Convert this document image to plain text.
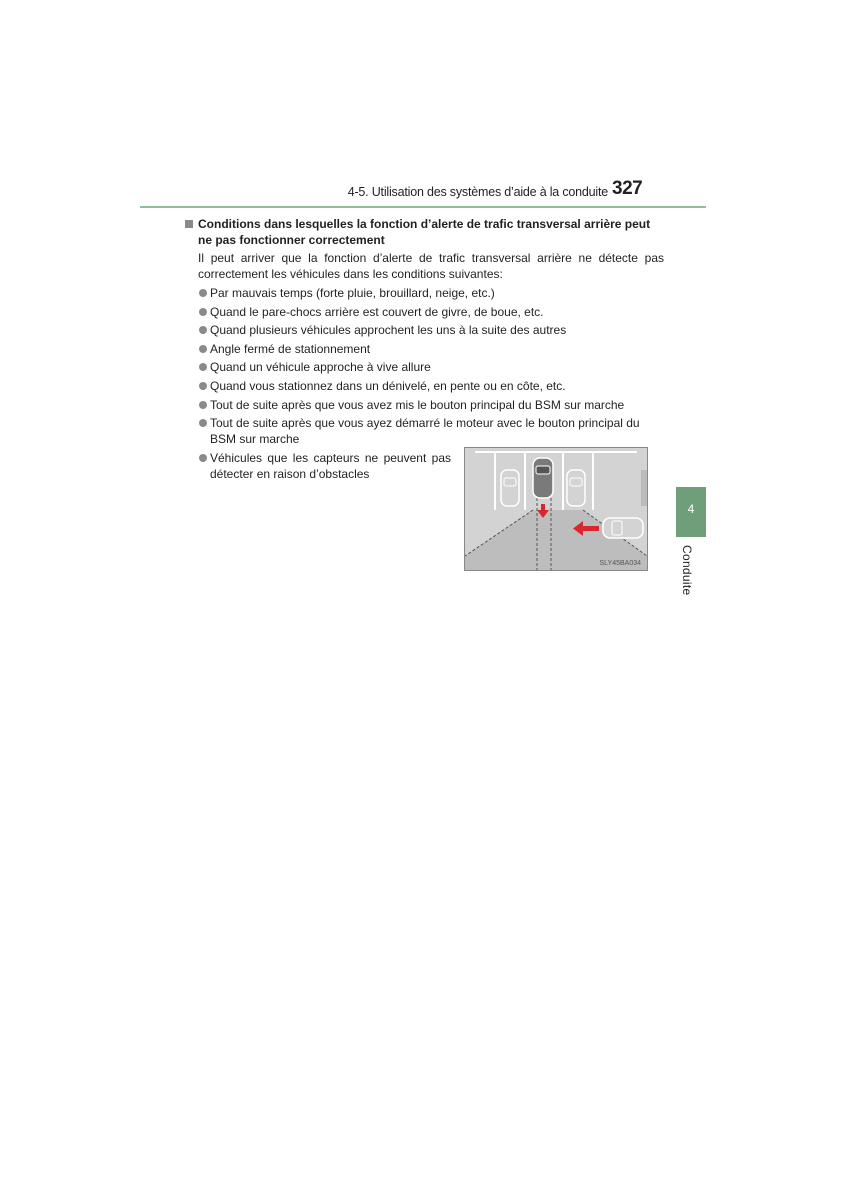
4-5. Utilisation des systèmes d’aide à la conduite 327
Conditions dans lesquelles la fonction d’alerte de trafic transversal arrière peut ne pas fonctionner correctement
Il peut arriver que la fonction d’alerte de trafic transversal arrière ne détecte pas correctement les véhicules dans les conditions suivantes:
Par mauvais temps (forte pluie, brouillard, neige, etc.)
Quand le pare-chocs arrière est couvert de givre, de boue, etc.
Quand plusieurs véhicules approchent les uns à la suite des autres
Angle fermé de stationnement
Quand un véhicule approche à vive allure
Quand vous stationnez dans un dénivelé, en pente ou en côte, etc.
Tout de suite après que vous avez mis le bouton principal du BSM sur marche
Tout de suite après que vous ayez démarré le moteur avec le bouton principal du BSM sur marche
Véhicules que les capteurs ne peuvent pas détecter en raison d’obstacles
SLY45BA034
4
Conduite
